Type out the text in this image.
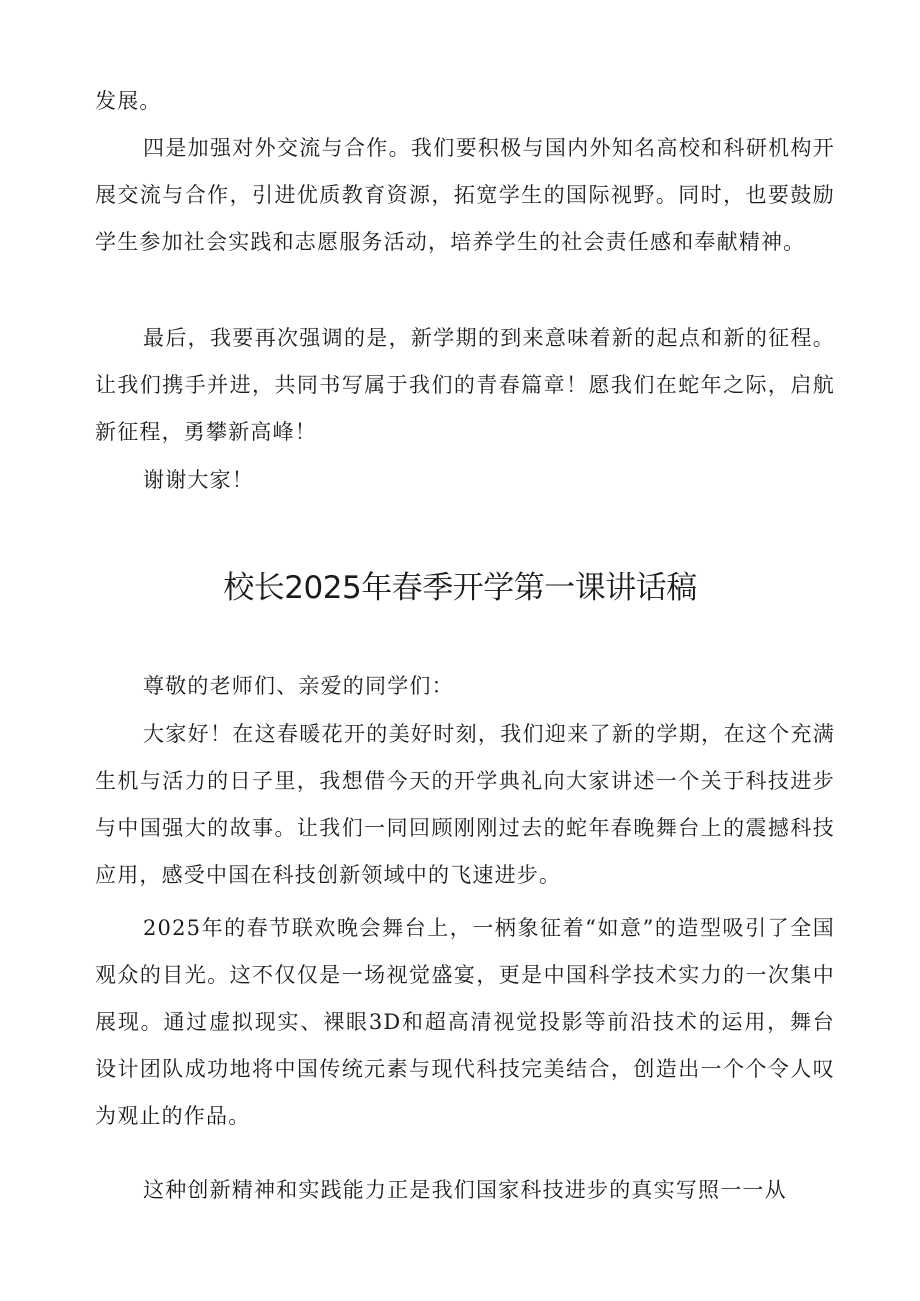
发展。

四是加强对外交流与合作。我们要积极与国内外知名高校和科研机构开展交流与合作，引进优质教育资源，拓宽学生的国际视野。同时，也要鼓励学生参加社会实践和志愿服务活动，培养学生的社会责任感和奉献精神。

最后，我要再次强调的是，新学期的到来意味着新的起点和新的征程。让我们携手并进，共同书写属于我们的青春篇章！愿我们在蛇年之际，启航新征程，勇攀新高峰！

谢谢大家！

校长2025年春季开学第一课讲话稿

尊敬的老师们、亲爱的同学们：

大家好！在这春暖花开的美好时刻，我们迎来了新的学期，在这个充满生机与活力的日子里，我想借今天的开学典礼向大家讲述一个关于科技进步与中国强大的故事。让我们一同回顾刚刚过去的蛇年春晚舞台上的震撼科技应用，感受中国在科技创新领域中的飞速进步。

2025年的春节联欢晚会舞台上，一柄象征着“如意”的造型吸引了全国观众的目光。这不仅仅是一场视觉盛宴，更是中国科学技术实力的一次集中展现。通过虚拟现实、裸眼3D和超高清视觉投影等前沿技术的运用，舞台设计团队成功地将中国传统元素与现代科技完美结合，创造出一个个令人叹为观止的作品。

这种创新精神和实践能力正是我们国家科技进步的真实写照一一从
